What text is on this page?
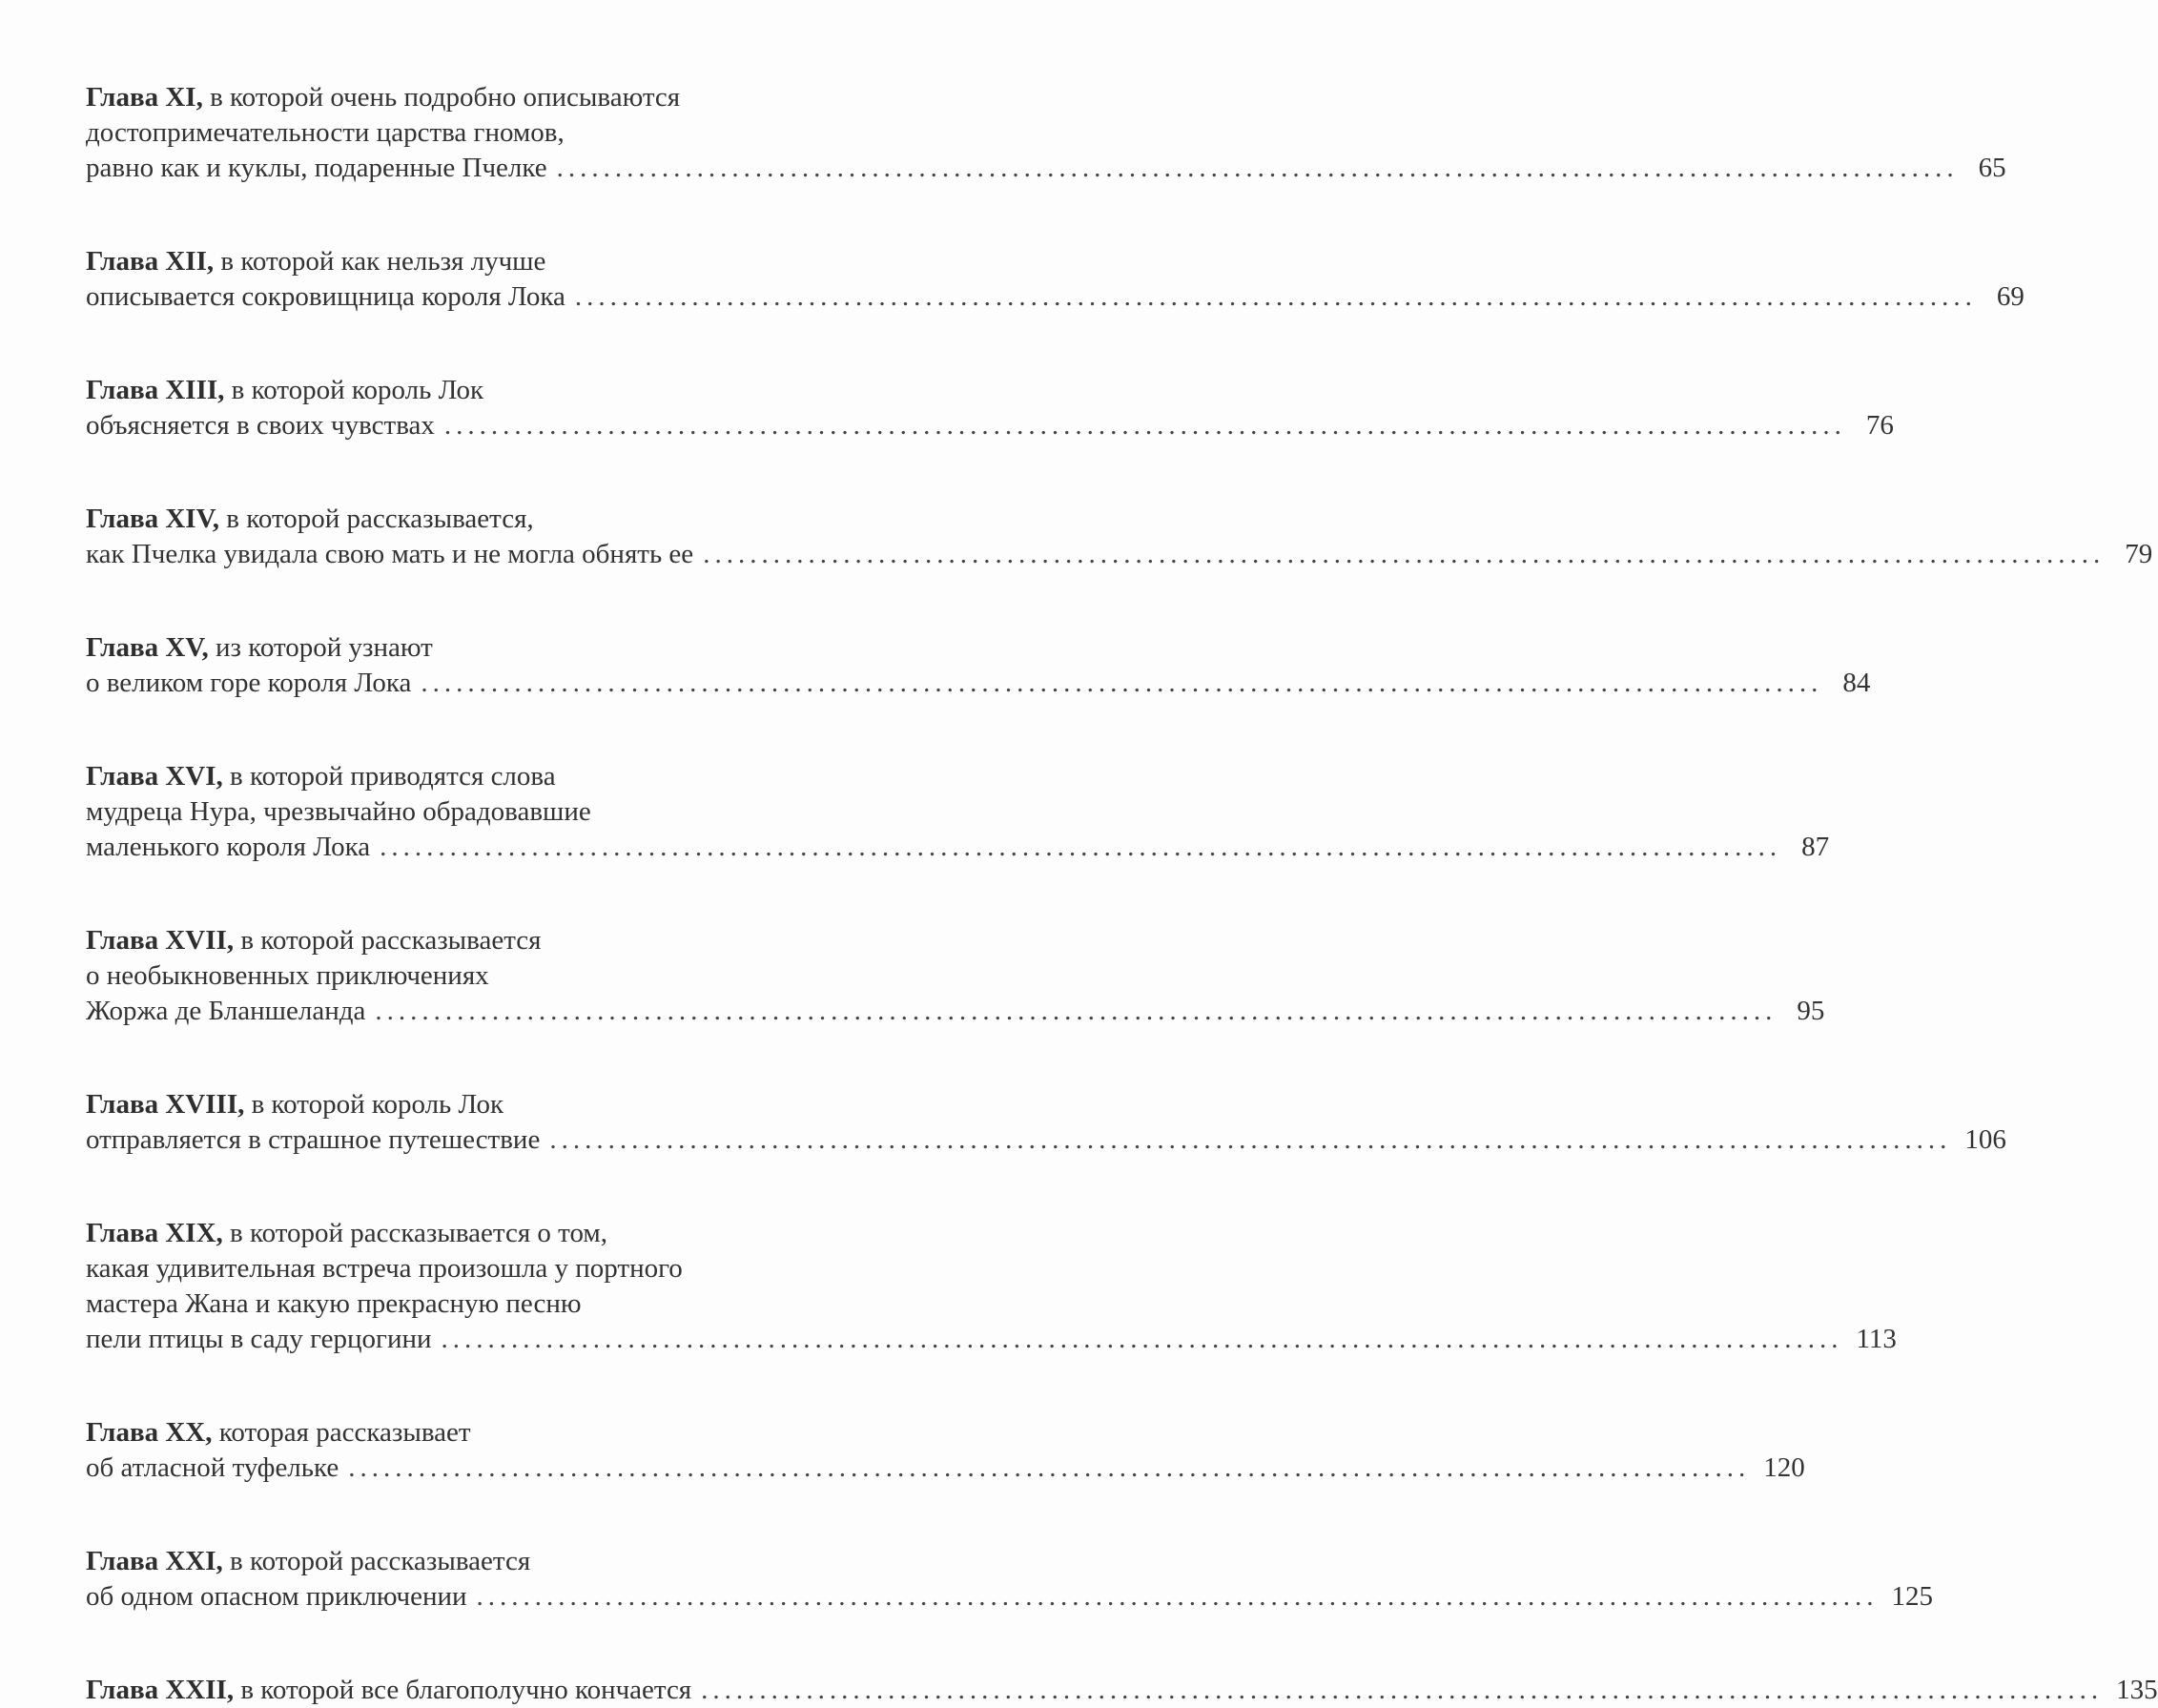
Глава XI,
в которой очень подробно описываются
достопримечательности царства гномов,
равно как и куклы, подаренные Пчелке ........................................................................................................................ 65
Глава XII,
в которой как нельзя лучше
описывается сокровищница короля Лока ........................................................................................................................ 69
Глава XIII,
в которой король Лок
объясняется в своих чувствах ........................................................................................................................ 76
Глава XIV,
в которой рассказывается,
как Пчелка увидала свою мать и не могла обнять ее ........................................................................................................................ 79
Глава XV,
из которой узнают
о великом горе короля Лока ........................................................................................................................ 84
Глава XVI,
в которой приводятся слова
мудреца Нура, чрезвычайно обрадовавшие
маленького короля Лока ........................................................................................................................ 87
Глава XVII,
в которой рассказывается
о необыкновенных приключениях
Жоржа де Бланшеланда ........................................................................................................................ 95
Глава XVIII,
в которой король Лок
отправляется в страшное путешествие ........................................................................................................................ 106
Глава XIX,
в которой рассказывается о том,
какая удивительная встреча произошла у портного
мастера Жана и какую прекрасную песню
пели птицы в саду герцогини ........................................................................................................................ 113
Глава XX,
которая рассказывает
об атласной туфельке ........................................................................................................................ 120
Глава XXI,
в которой рассказывается
об одном опасном приключении ........................................................................................................................ 125
Глава XXII,
в которой все благополучно кончается ........................................................................................................................ 135
